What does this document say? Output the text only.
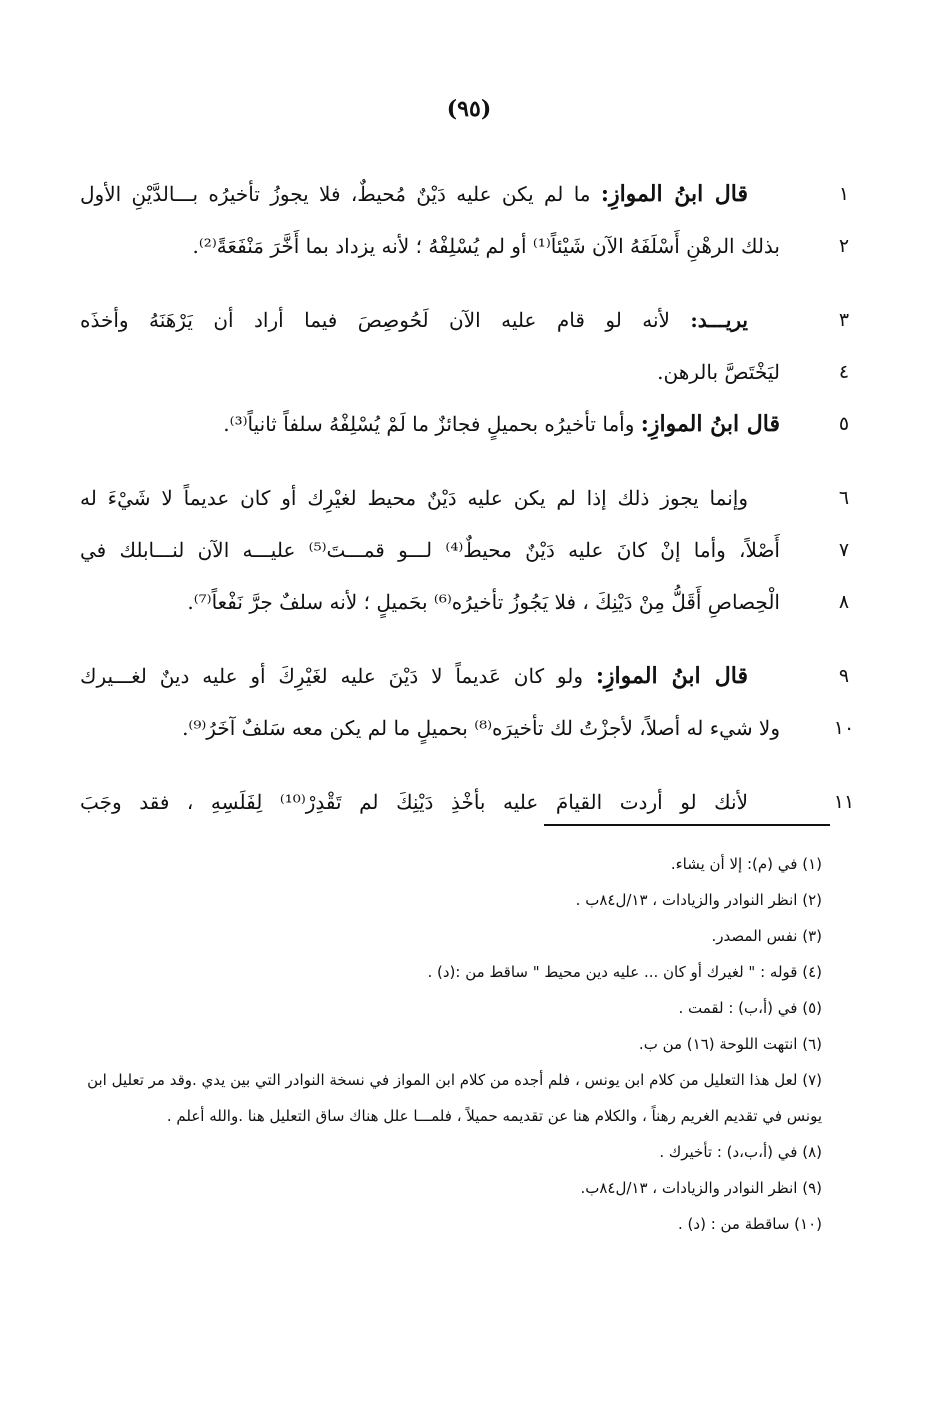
(٩٥)
١
قال ابنُ الموازِ: ما لم يكن عليه دَيْنٌ مُحيطٌ، فلا يجوزُ تأخيرُه بـــالدَّيْنِ الأول
٢
بذلك الرهْنِ أَسْلَفَهُ الآن شَيْئاً⁽¹⁾ أو لم يُسْلِفْهُ ؛ لأنه يزداد بما أَخَّرَ مَنْفَعَةً⁽²⁾.
٣
يريـــد: لأنه لو قام عليه الآن لَحُوصِصَ فيما أراد أن يَرْهَنَهُ وأخذَه
٤
ليَخْتَصَّ بالرهن.
٥
قال ابنُ الموازِ: وأما تأخيرُه بحميلٍ فجائزٌ ما لَمْ يُسْلِفْهُ سلفاً ثانياً⁽³⁾.
٦
وإنما يجوز ذلك إذا لم يكن عليه دَيْنٌ محيط لغيْرِك أو كان عديماً لا شَيْءَ له
٧
أَصْلاً، وأما إنْ كانَ عليه دَيْنٌ محيطٌ⁽⁴⁾ لـــو قمـــتَ⁽⁵⁾ عليـــه الآن لنـــابلك في
٨
الْحِصاصِ أَقَلُّ مِنْ دَيْنِكَ ، فلا يَجُوزُ تأخيرُه⁽⁶⁾ بحَميلٍ ؛ لأنه سلفٌ جرَّ نَفْعاً⁽⁷⁾.
٩
قال ابنُ الموازِ: ولو كان عَديماً لا دَيْنَ عليه لغَيْرِكَ أو عليه دينٌ لغـــيرك
١٠
ولا شيء له أصلاً، لأجزْتُ لك تأخيرَه⁽⁸⁾ بحميلٍ ما لم يكن معه سَلفٌ آخَرُ⁽⁹⁾.
١١
لأنك لو أردت القيامَ عليه بأخْذِ دَيْنِكَ لم تَقْدِرْ⁽¹⁰⁾ لِفَلَسِهِ ، فقد وجَبَ
(١) في (م): إلا أن يشاء.
(٢) انظر النوادر والزيادات ، ١٣/ل٨٤ب .
(٣) نفس المصدر.
(٤) قوله : " لغيرك أو كان ... عليه دين محيط " ساقط من :(د) .
(٥) في (أ،ب) : لقمت .
(٦) انتهت اللوحة (١٦) من ب.
(٧) لعل هذا التعليل من كلام ابن يونس ، فلم أجده من كلام ابن المواز في نسخة النوادر التي بين يدي .وقد مر تعليل ابن يونس في تقديم الغريم رهناً ، والكلام هنا عن تقديمه حميلاً ، فلمـــا علل هناك ساق التعليل هنا .والله أعلم .
(٨) في (أ،ب،د) : تأخيرك .
(٩) انظر النوادر والزيادات ، ١٣/ل٨٤ب.
(١٠) ساقطة من : (د) .
